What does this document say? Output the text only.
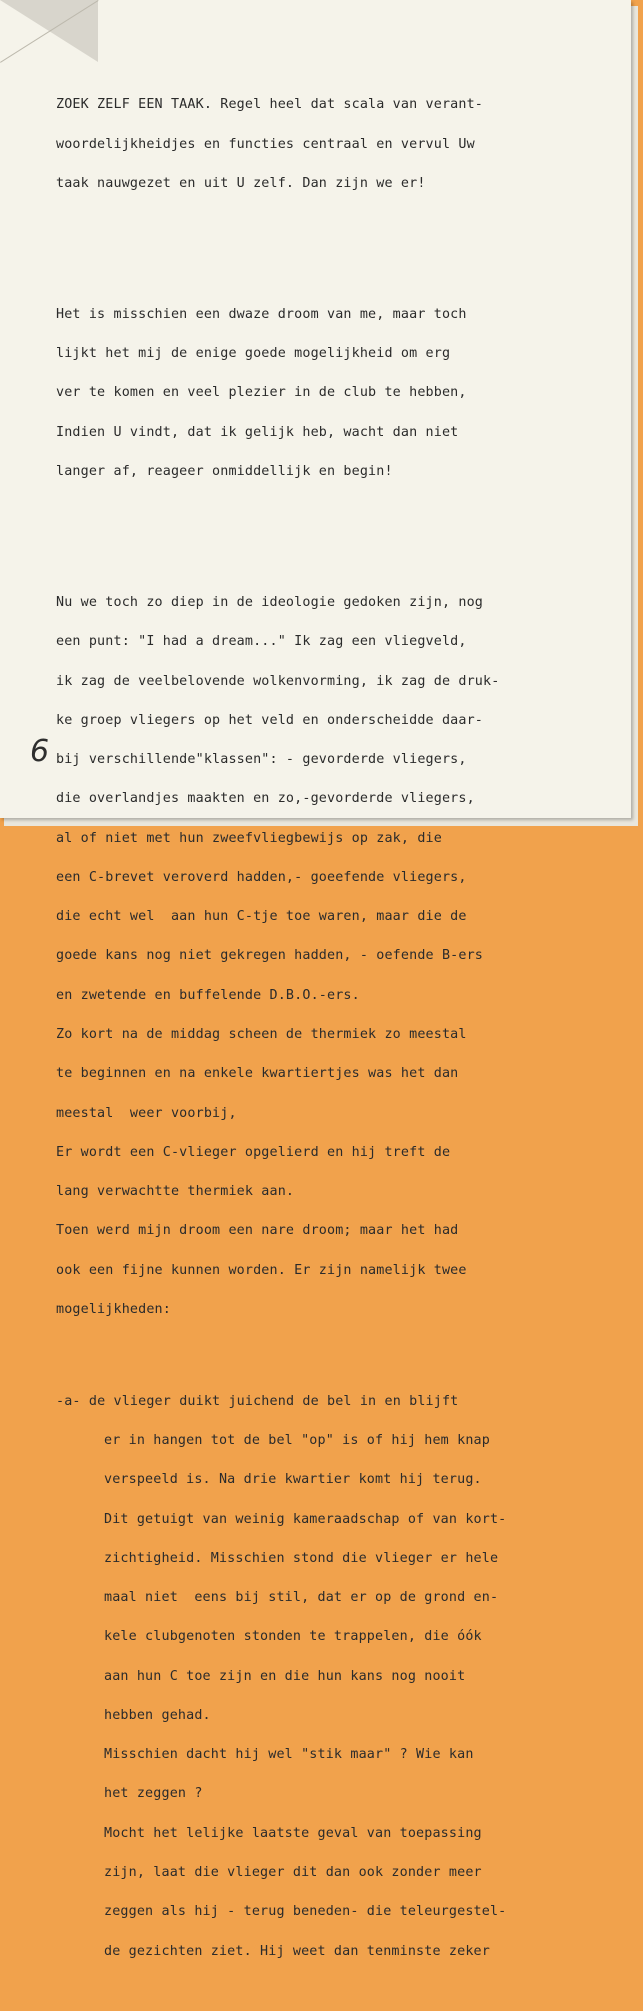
ZOEK ZELF EEN TAAK. Regel heel dat scala van verant-

woordelijkheidjes en functies centraal en vervul Uw

taak nauwgezet en uit U zelf. Dan zijn we er!

Het is misschien een dwaze droom van me, maar toch

lijkt het mij de enige goede mogelijkheid om erg

ver te komen en veel plezier in de club te hebben,

Indien U vindt, dat ik gelijk heb, wacht dan niet

langer af, reageer onmiddellijk en begin!

Nu we toch zo diep in de ideologie gedoken zijn, nog

een punt: "I had a dream..." Ik zag een vliegveld,

ik zag de veelbelovende wolkenvorming, ik zag de druk-

ke groep vliegers op het veld en onderscheidde daar-

bij verschillende"klassen": - gevorderde vliegers,

die overlandjes maakten en zo,-gevorderde vliegers,

al of niet met hun zweefvliegbewijs op zak, die

een C-brevet veroverd hadden,- goeefende vliegers,

die echt wel  aan hun C-tje toe waren, maar die de

goede kans nog niet gekregen hadden, - oefende B-ers

en zwetende en buffelende D.B.O.-ers.

Zo kort na de middag scheen de thermiek zo meestal

te beginnen en na enkele kwartiertjes was het dan

meestal  weer voorbij,

Er wordt een C-vlieger opgelierd en hij treft de

lang verwachtte thermiek aan.

Toen werd mijn droom een nare droom; maar het had

ook een fijne kunnen worden. Er zijn namelijk twee

mogelijkheden:

-a- de vlieger duikt juichend de bel in en blijft

er in hangen tot de bel "op" is of hij hem knap

verspeeld is. Na drie kwartier komt hij terug.

Dit getuigt van weinig kameraadschap of van kort-

zichtigheid. Misschien stond die vlieger er hele

maal niet  eens bij stil, dat er op de grond en-

kele clubgenoten stonden te trappelen, die óók

aan hun C toe zijn en die hun kans nog nooit

hebben gehad.

Misschien dacht hij wel "stik maar" ? Wie kan

het zeggen ?

Mocht het lelijke laatste geval van toepassing

zijn, laat die vlieger dit dan ook zonder meer

zeggen als hij - terug beneden- die teleurgestel-

de gezichten ziet. Hij weet dan tenminste zeker

6
